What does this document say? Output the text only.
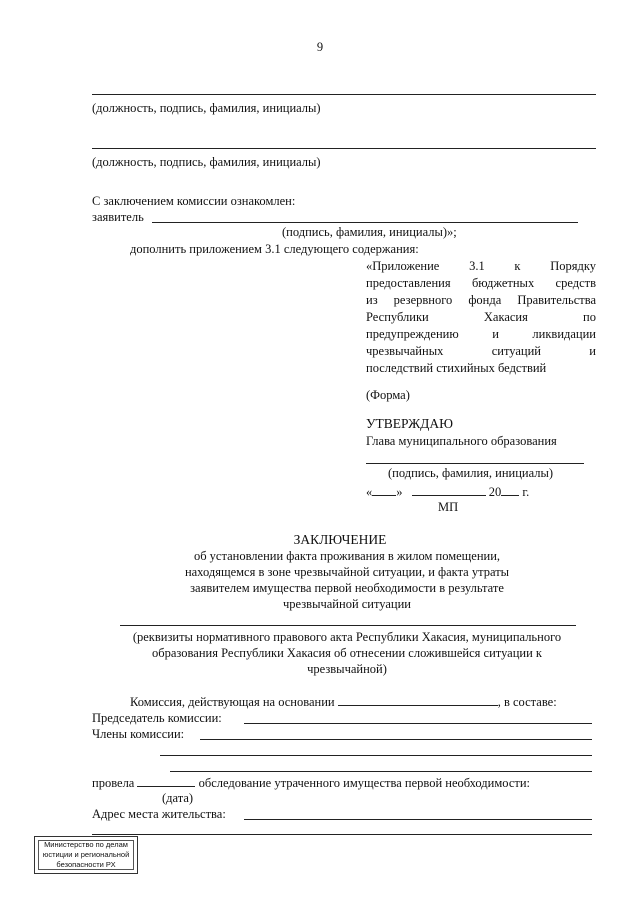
9
(должность, подпись, фамилия, инициалы)
(должность, подпись, фамилия, инициалы)
С заключением комиссии ознакомлен:
заявитель
(подпись, фамилия, инициалы)»;
дополнить приложением 3.1 следующего содержания:
«Приложение 3.1 к Порядку
предоставления бюджетных средств
из резервного фонда Правительства
Республики Хакасия по
предупреждению и ликвидации
чрезвычайных ситуаций и
последствий стихийных бедствий
(Форма)
УТВЕРЖДАЮ
Глава муниципального образования
(подпись, фамилия, инициалы)
« »	20 г.
МП
ЗАКЛЮЧЕНИЕ
об установлении факта проживания в жилом помещении,
находящемся в зоне чрезвычайной ситуации, и факта утраты
заявителем имущества первой необходимости в результате
чрезвычайной ситуации
(реквизиты нормативного правового акта Республики Хакасия, муниципального
образования Республики Хакасия об отнесении сложившейся ситуации к
чрезвычайной)
Комиссия, действующая на основании	, в составе:
Председатель комиссии:
Члены комиссии:
провела	обследование утраченного имущества первой необходимости:
(дата)
Адрес места жительства:
Министерство по делам
юстиции и региональной
безопасности РХ
